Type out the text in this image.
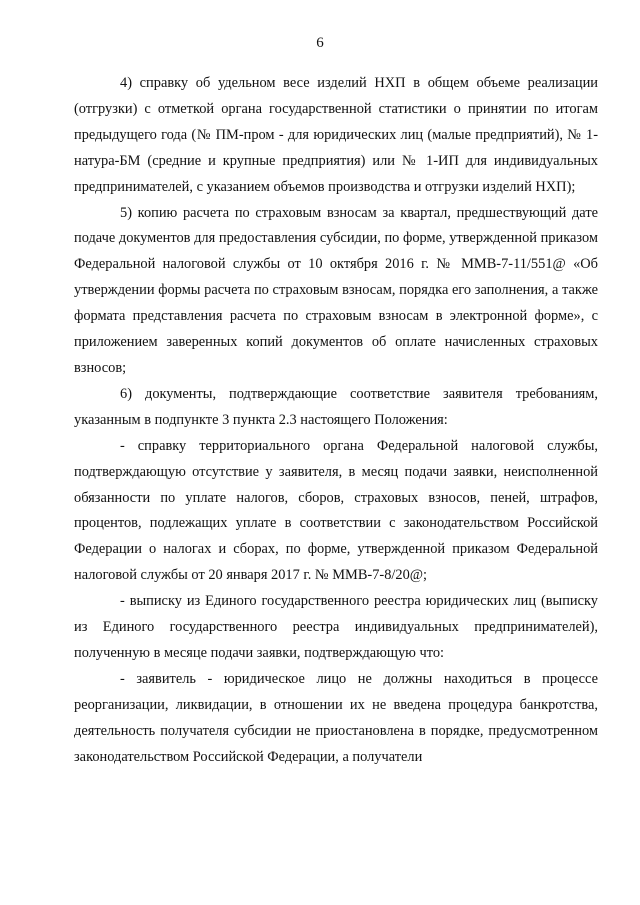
6

4) справку об удельном весе изделий НХП в общем объеме реализации (отгрузки) с отметкой органа государственной статистики о принятии по итогам предыдущего года (№ ПМ-пром - для юридических лиц (малые предприятий), № 1-натура-БМ (средние и крупные предприятия) или № 1-ИП для индивидуальных предпринимателей, с указанием объемов производства и отгрузки изделий НХП);

5) копию расчета по страховым взносам за квартал, предшествующий дате подаче документов для предоставления субсидии, по форме, утвержденной приказом Федеральной налоговой службы от 10 октября 2016 г. № ММВ-7-11/551@ «Об утверждении формы расчета по страховым взносам, порядка его заполнения, а также формата представления расчета по страховым взносам в электронной форме», с приложением заверенных копий документов об оплате начисленных страховых взносов;

6) документы, подтверждающие соответствие заявителя требованиям, указанным в подпункте 3 пункта 2.3 настоящего Положения:

- справку территориального органа Федеральной налоговой службы, подтверждающую отсутствие у заявителя, в месяц подачи заявки, неисполненной обязанности по уплате налогов, сборов, страховых взносов, пеней, штрафов, процентов, подлежащих уплате в соответствии с законодательством Российской Федерации о налогах и сборах, по форме, утвержденной приказом Федеральной налоговой службы от 20 января 2017 г. № ММВ-7-8/20@;

- выписку из Единого государственного реестра юридических лиц (выписку из Единого государственного реестра индивидуальных предпринимателей), полученную в месяце подачи заявки, подтверждающую что:

- заявитель - юридическое лицо не должны находиться в процессе реорганизации, ликвидации, в отношении их не введена процедура банкротства, деятельность получателя субсидии не приостановлена в порядке, предусмотренном законодательством Российской Федерации, а получатели
